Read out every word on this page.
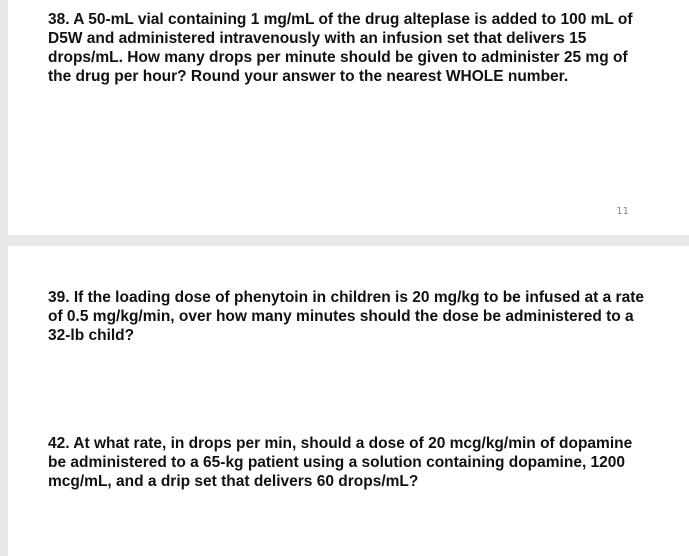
38. A 50-mL vial containing 1 mg/mL of the drug alteplase is added to 100 mL of D5W and administered intravenously with an infusion set that delivers 15 drops/mL. How many drops per minute should be given to administer 25 mg of the drug per hour? Round your answer to the nearest WHOLE number.

11

39. If the loading dose of phenytoin in children is 20 mg/kg to be infused at a rate of 0.5 mg/kg/min, over how many minutes should the dose be administered to a 32-lb child?

42. At what rate, in drops per min, should a dose of 20 mcg/kg/min of dopamine be administered to a 65-kg patient using a solution containing dopamine, 1200 mcg/mL, and a drip set that delivers 60 drops/mL?
